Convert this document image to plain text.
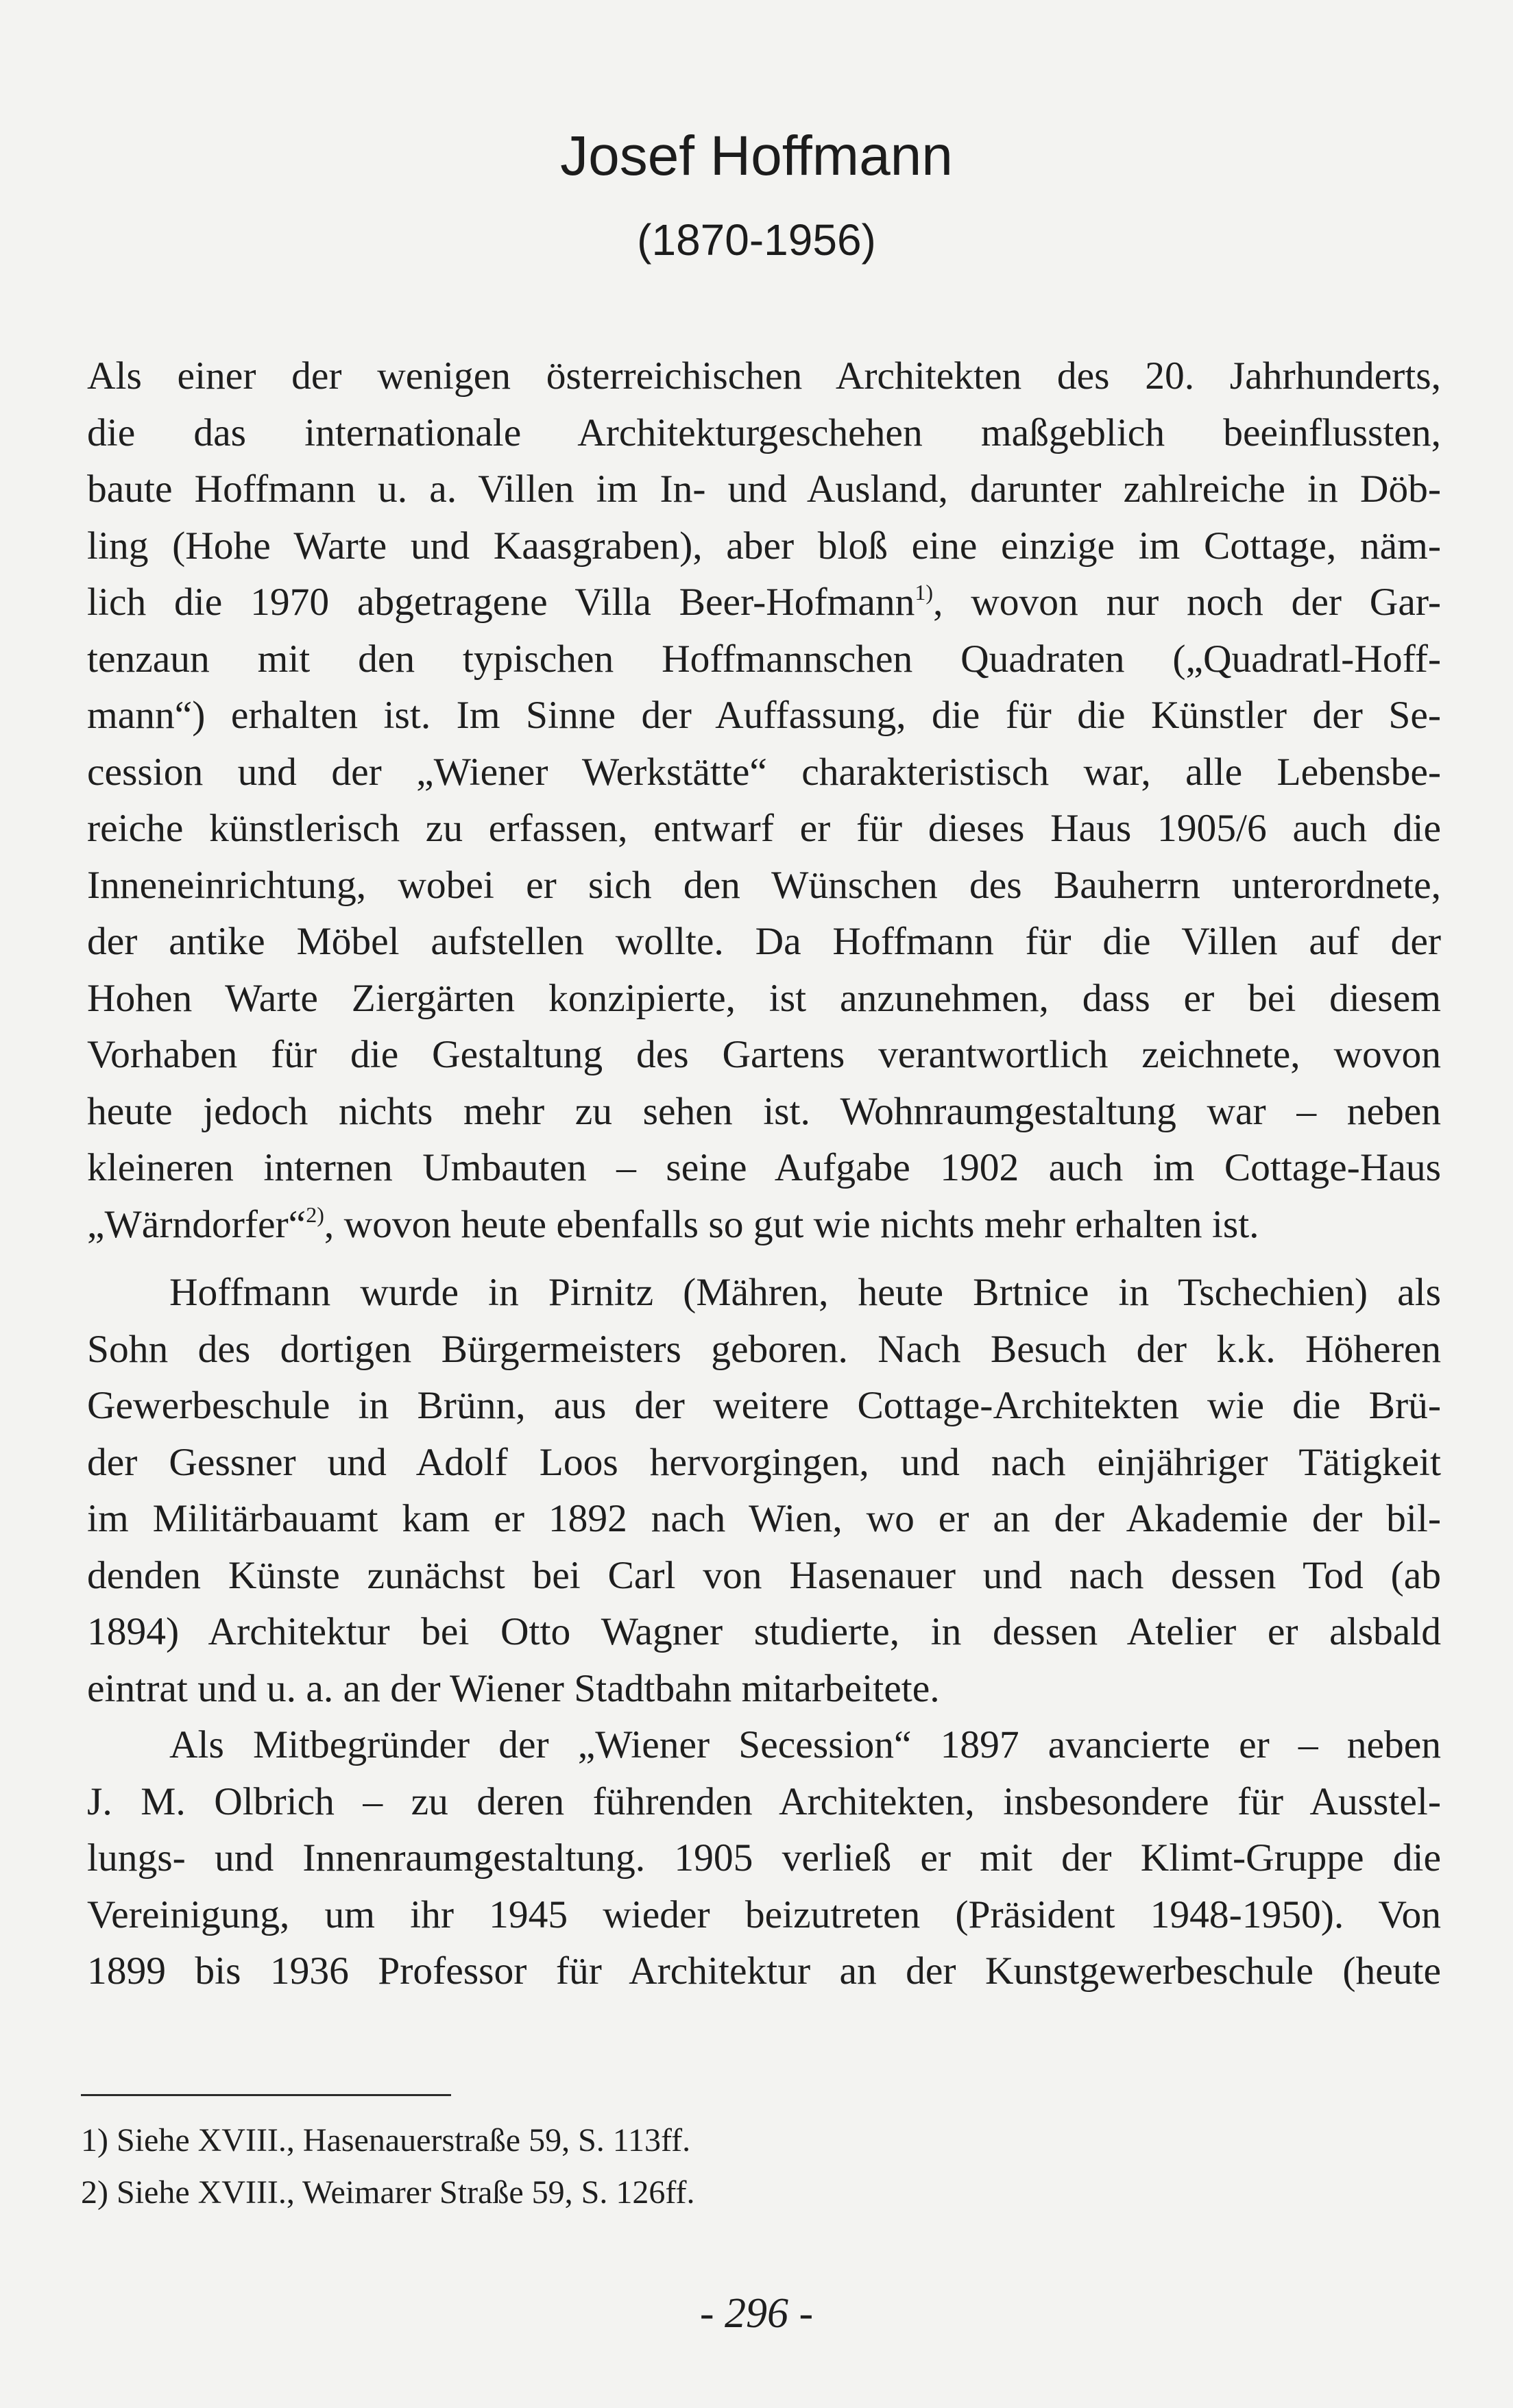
Josef Hoffmann
(1870-1956)

Als einer der wenigen österreichischen Architekten des 20. Jahrhunderts,
die das internationale Architekturgeschehen maßgeblich beeinflussten,
baute Hoffmann u. a. Villen im In- und Ausland, darunter zahlreiche in Döb-
ling (Hohe Warte und Kaasgraben), aber bloß eine einzige im Cottage, näm-
lich die 1970 abgetragene Villa Beer-Hofmann$^{1)}$, wovon nur noch der Gar-
tenzaun mit den typischen Hoffmannschen Quadraten („Quadratl-Hoff-
mann“) erhalten ist. Im Sinne der Auffassung, die für die Künstler der Se-
cession und der „Wiener Werkstätte“ charakteristisch war, alle Lebensbe-
reiche künstlerisch zu erfassen, entwarf er für dieses Haus 1905/6 auch die
Inneneinrichtung, wobei er sich den Wünschen des Bauherrn unterordnete,
der antike Möbel aufstellen wollte. Da Hoffmann für die Villen auf der
Hohen Warte Ziergärten konzipierte, ist anzunehmen, dass er bei diesem
Vorhaben für die Gestaltung des Gartens verantwortlich zeichnete, wovon
heute jedoch nichts mehr zu sehen ist. Wohnraumgestaltung war – neben
kleineren internen Umbauten – seine Aufgabe 1902 auch im Cottage-Haus
„Wärndorfer“$^{2)}$, wovon heute ebenfalls so gut wie nichts mehr erhalten ist.

Hoffmann wurde in Pirnitz (Mähren, heute Brtnice in Tschechien) als
Sohn des dortigen Bürgermeisters geboren. Nach Besuch der k.k. Höheren
Gewerbeschule in Brünn, aus der weitere Cottage-Architekten wie die Brü-
der Gessner und Adolf Loos hervorgingen, und nach einjähriger Tätigkeit
im Militärbauamt kam er 1892 nach Wien, wo er an der Akademie der bil-
denden Künste zunächst bei Carl von Hasenauer und nach dessen Tod (ab
1894) Architektur bei Otto Wagner studierte, in dessen Atelier er alsbald
eintrat und u. a. an der Wiener Stadtbahn mitarbeitete.

Als Mitbegründer der „Wiener Secession“ 1897 avancierte er – neben
J. M. Olbrich – zu deren führenden Architekten, insbesondere für Ausstel-
lungs- und Innenraumgestaltung. 1905 verließ er mit der Klimt-Gruppe die
Vereinigung, um ihr 1945 wieder beizutreten (Präsident 1948-1950). Von
1899 bis 1936 Professor für Architektur an der Kunstgewerbeschule (heute

1) Siehe XVIII., Hasenauerstraße 59, S. 113ff.
2) Siehe XVIII., Weimarer Straße 59, S. 126ff.
- 296 -
